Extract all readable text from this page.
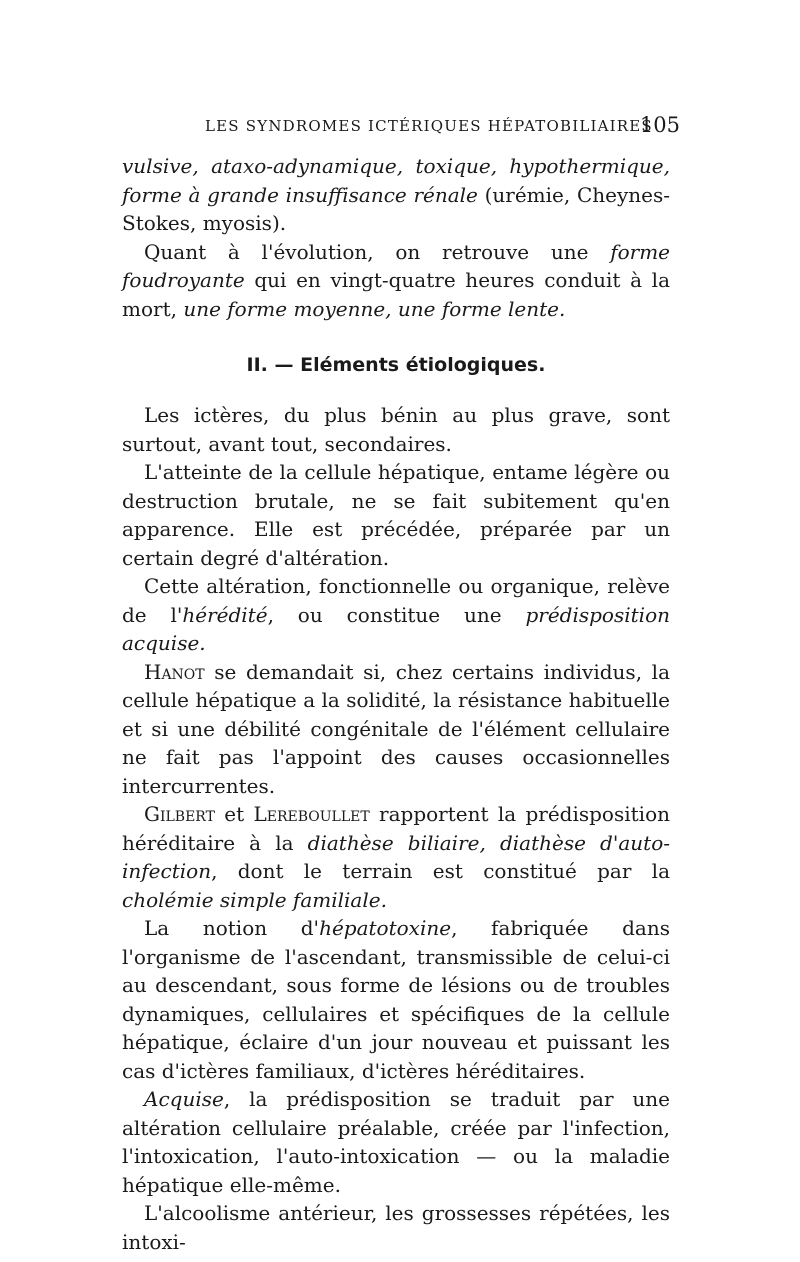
LES SYNDROMES ICTÉRIQUES HÉPATOBILIAIRES
105

vulsive, ataxo-adynamique, toxique, hypothermique, forme à grande insuffisance rénale (urémie, Cheynes-Stokes, myosis).

Quant à l'évolution, on retrouve une forme foudroyante qui en vingt-quatre heures conduit à la mort, une forme moyenne, une forme lente.

II. — Eléments étiologiques.

Les ictères, du plus bénin au plus grave, sont surtout, avant tout, secondaires.

L'atteinte de la cellule hépatique, entame légère ou destruction brutale, ne se fait subitement qu'en apparence. Elle est précédée, préparée par un certain degré d'altération.

Cette altération, fonctionnelle ou organique, relève de l'hérédité, ou constitue une prédisposition acquise.

Hanot se demandait si, chez certains individus, la cellule hépatique a la solidité, la résistance habituelle et si une débilité congénitale de l'élément cellulaire ne fait pas l'appoint des causes occasionnelles intercurrentes.

Gilbert et Lereboullet rapportent la prédisposition héréditaire à la diathèse biliaire, diathèse d'auto-infection, dont le terrain est constitué par la cholémie simple familiale.

La notion d'hépatotoxine, fabriquée dans l'organisme de l'ascendant, transmissible de celui-ci au descendant, sous forme de lésions ou de troubles dynamiques, cellulaires et spécifiques de la cellule hépatique, éclaire d'un jour nouveau et puissant les cas d'ictères familiaux, d'ictères héréditaires.

Acquise, la prédisposition se traduit par une altération cellulaire préalable, créée par l'infection, l'intoxication, l'auto-intoxication — ou la maladie hépatique elle-même.

L'alcoolisme antérieur, les grossesses répétées, les intoxi-
